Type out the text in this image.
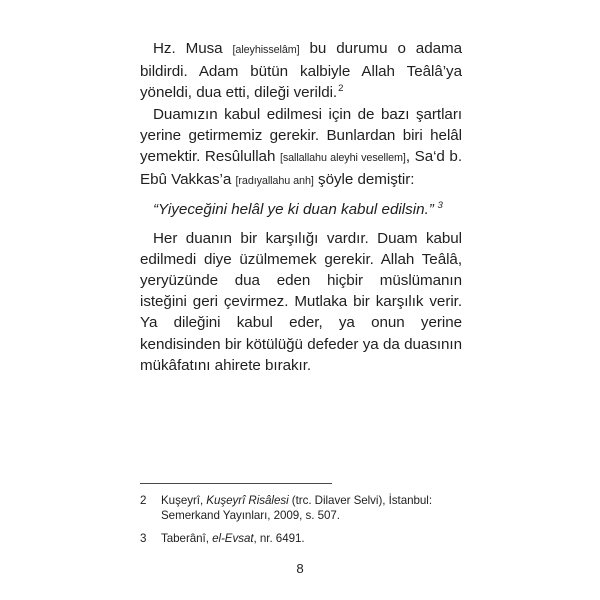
Hz. Musa [aleyhisselâm] bu durumu o adama bildirdi. Adam bütün kalbiyle Allah Teâlâ’ya yöneldi, dua etti, dileği verildi.$^2$

Duamızın kabul edilmesi için de bazı şartları yerine getirmemiz gerekir. Bunlardan biri helâl yemektir. Resûlullah [sallallahu aleyhi vesellem], Sa‘d b. Ebû Vakkas’a [radıyallahu anh] şöyle demiştir:

“Yiyeceğini helâl ye ki duan kabul edilsin.” $^3$

Her duanın bir karşılığı vardır. Duam kabul edilmedi diye üzülmemek gerekir. Allah Teâlâ, yeryüzünde dua eden hiçbir müslümanın isteğini geri çevirmez. Mutlaka bir karşılık verir. Ya dileğini kabul eder, ya onun yerine kendisinden bir kötülüğü defeder ya da duasının mükâfatını ahirete bırakır.

2	Kuşeyrî, Kuşeyrî Risâlesi (trc. Dilaver Selvi), İstanbul: Semerkand Yayınları, 2009, s. 507.
3	Taberânî, el-Evsat, nr. 6491.
8
